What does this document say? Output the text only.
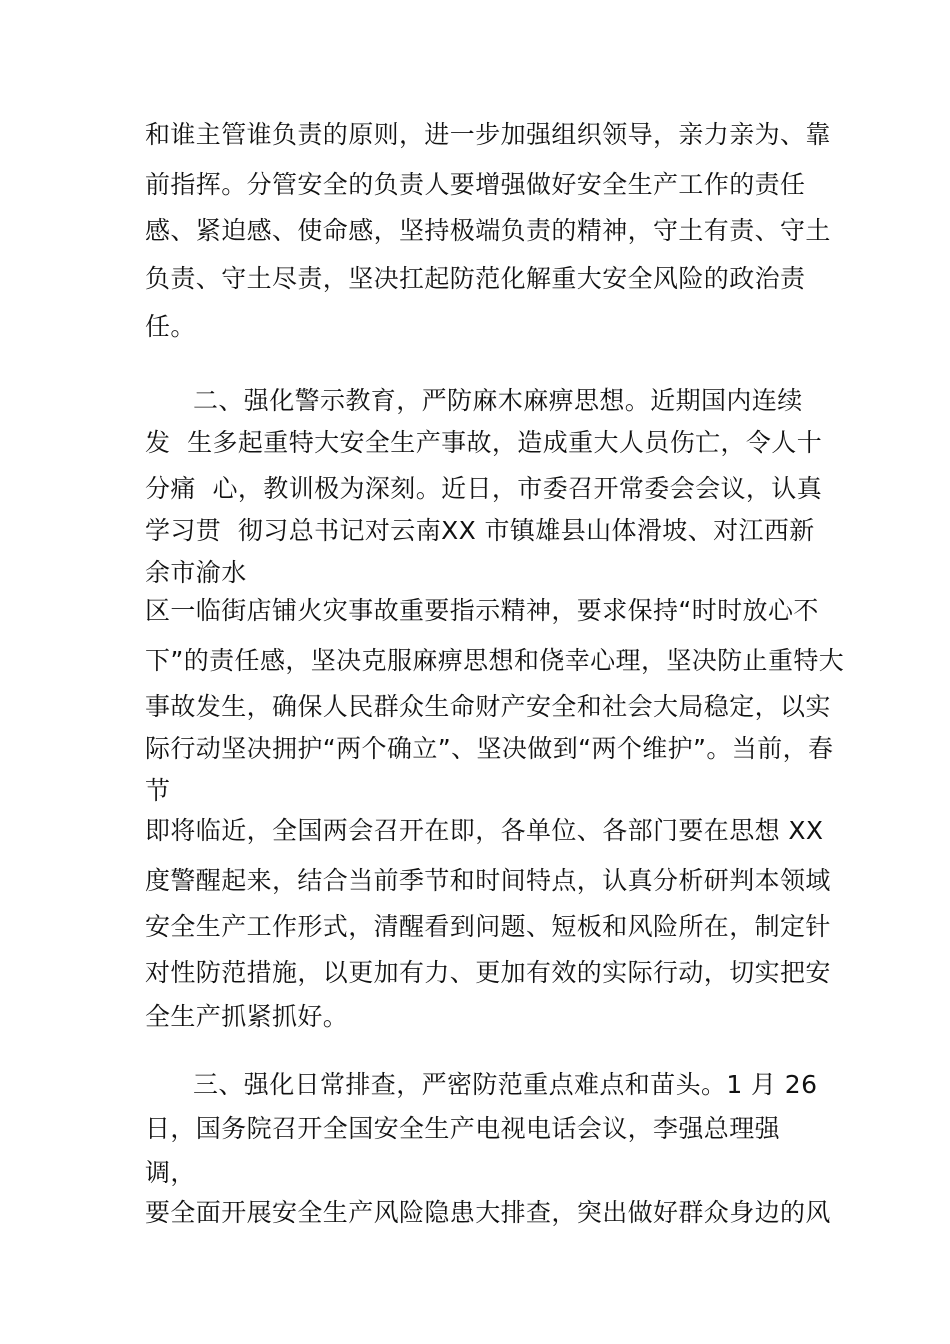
和谁主管谁负责的原则，进一步加强组织领导，亲力亲为、靠
前指挥。分管安全的负责人要增强做好安全生产工作的责任
感、紧迫感、使命感，坚持极端负责的精神，守土有责、守土
负责、守土尽责，坚决扛起防范化解重大安全风险的政治责
任。
二、强化警示教育，严防麻木麻痹思想。近期国内连续
发  生多起重特大安全生产事故，造成重大人员伤亡，令人十
分痛  心，教训极为深刻。近日，市委召开常委会会议，认真
学习贯  彻习总书记对云南XX 市镇雄县山体滑坡、对江西新
余市渝水
区一临街店铺火灾事故重要指示精神，要求保持“时时放心不
下”的责任感，坚决克服麻痹思想和侥幸心理，坚决防止重特大
事故发生，确保人民群众生命财产安全和社会大局稳定，以实
际行动坚决拥护“两个确立”、坚决做到“两个维护”。当前，春
节
即将临近，全国两会召开在即，各单位、各部门要在思想 XX
度警醒起来，结合当前季节和时间特点，认真分析研判本领域
安全生产工作形式，清醒看到问题、短板和风险所在，制定针
对性防范措施，以更加有力、更加有效的实际行动，切实把安
全生产抓紧抓好。
三、强化日常排查，严密防范重点难点和苗头。1 月 26
日，国务院召开全国安全生产电视电话会议，李强总理强
调，
要全面开展安全生产风险隐患大排查，突出做好群众身边的风
